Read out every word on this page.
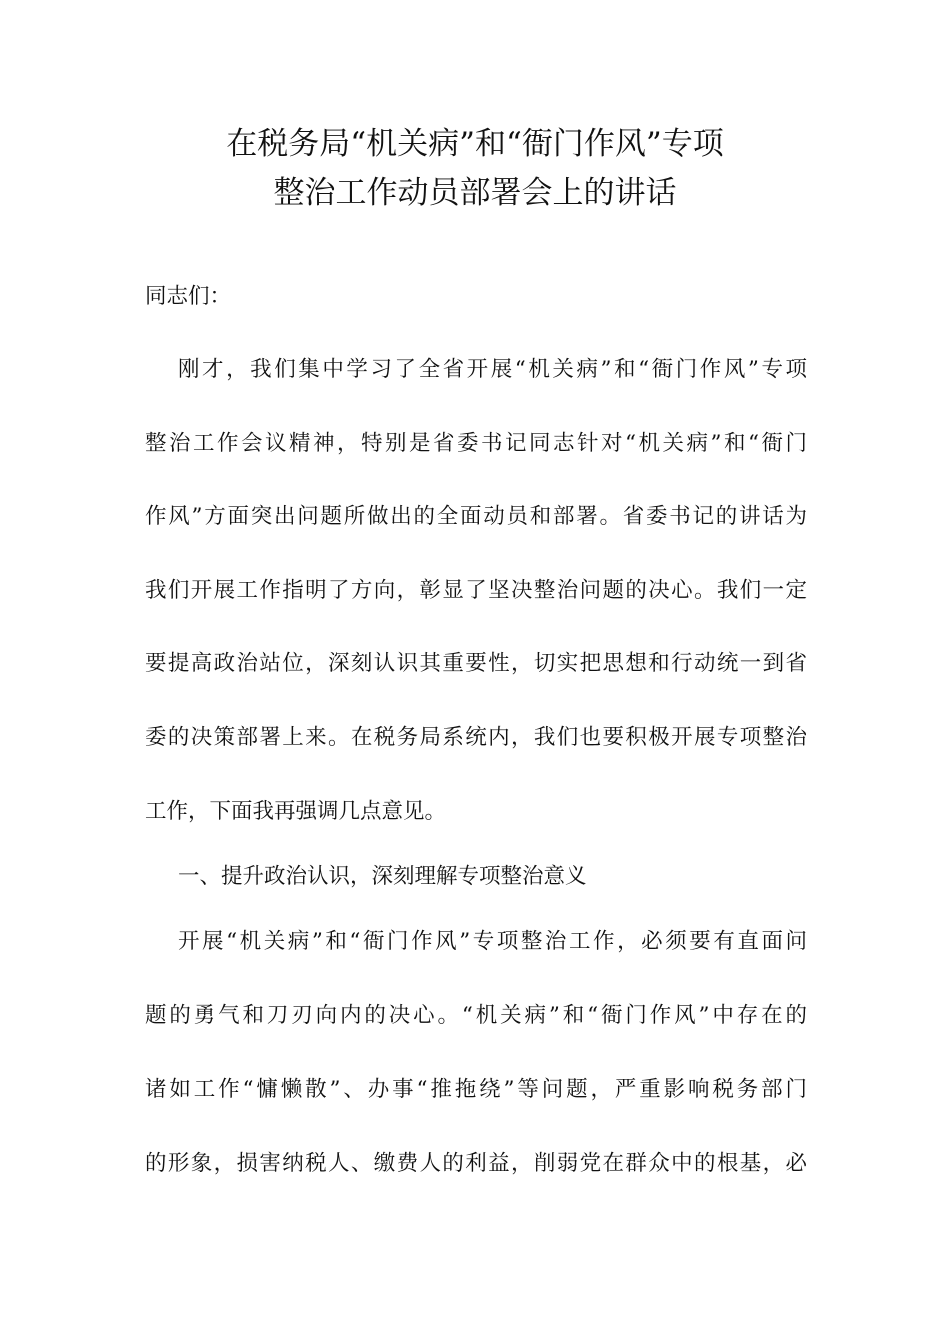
在税务局“机关病”和“衙门作风”专项
整治工作动员部署会上的讲话
同志们：
刚才，我们集中学习了全省开展“机关病”和“衙门作风”专项
整治工作会议精神，特别是省委书记同志针对“机关病”和“衙门
作风”方面突出问题所做出的全面动员和部署。省委书记的讲话为
我们开展工作指明了方向，彰显了坚决整治问题的决心。我们一定
要提高政治站位，深刻认识其重要性，切实把思想和行动统一到省
委的决策部署上来。在税务局系统内，我们也要积极开展专项整治
工作，下面我再强调几点意见。
一、提升政治认识，深刻理解专项整治意义
开展“机关病”和“衙门作风”专项整治工作，必须要有直面问
题的勇气和刀刃向内的决心。“机关病”和“衙门作风”中存在的
诸如工作“慵懒散”、办事“推拖绕”等问题，严重影响税务部门
的形象，损害纳税人、缴费人的利益，削弱党在群众中的根基，必
